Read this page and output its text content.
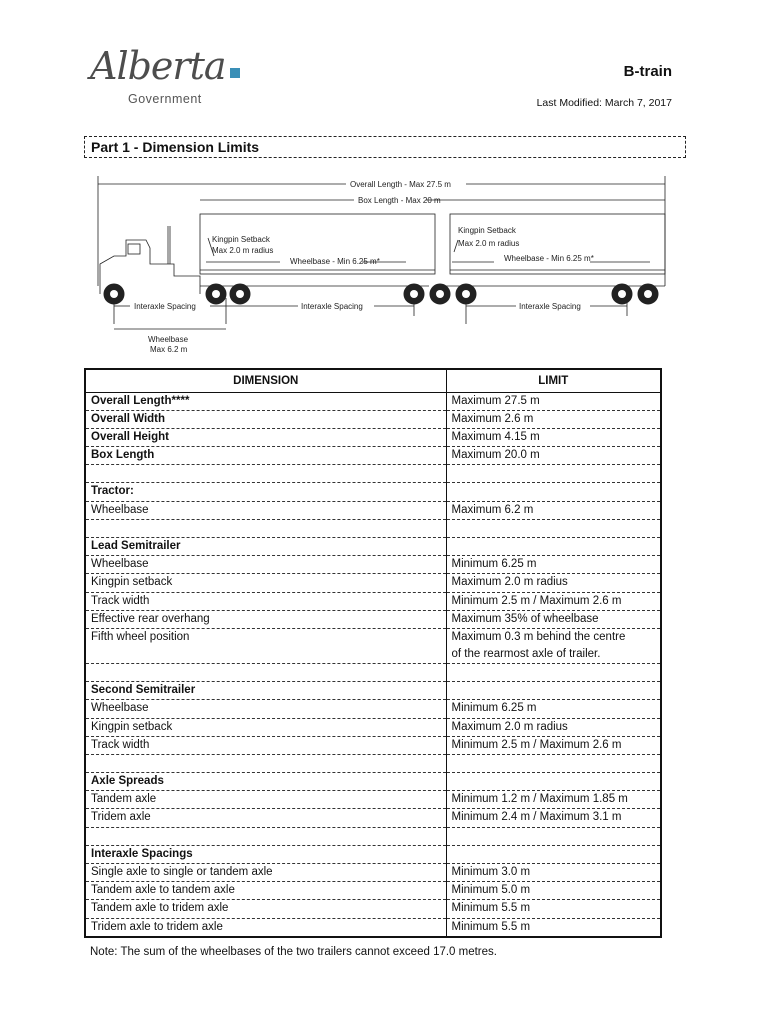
Alberta
Government
B-train
Last Modified: March 7, 2017
Part 1 - Dimension Limits
Overall Length - Max 27.5 m
Box Length - Max 20 m
Kingpin Setback
Max 2.0 m radius
Kingpin Setback
Max 2.0 m radius
Wheelbase - Min 6.25 m*	Wheelbase - Min 6.25 m*
Interaxle Spacing	Interaxle Spacing	Interaxle Spacing
Wheelbase
Max 6.2 m
DIMENSION	LIMIT
Overall Length****	Maximum 27.5 m
Overall Width	Maximum 2.6 m
Overall Height	Maximum 4.15 m
Box Length	Maximum 20.0 m

Tractor:	
Wheelbase	Maximum 6.2 m

Lead Semitrailer	
Wheelbase	Minimum 6.25 m
Kingpin setback	Maximum 2.0 m radius
Track width	Minimum 2.5 m / Maximum 2.6 m
Effective rear overhang	Maximum 35% of wheelbase
Fifth wheel position	Maximum 0.3 m behind the centre
of the rearmost axle of trailer.

Second Semitrailer	
Wheelbase	Minimum 6.25 m
Kingpin setback	Maximum 2.0 m radius
Track width	Minimum 2.5 m / Maximum 2.6 m

Axle Spreads	
Tandem axle	Minimum 1.2 m / Maximum 1.85 m
Tridem axle	Minimum 2.4 m / Maximum 3.1 m

Interaxle Spacings	
Single axle to single or tandem axle	Minimum 3.0 m
Tandem axle to tandem axle	Minimum 5.0 m
Tandem axle to tridem axle	Minimum 5.5 m
Tridem axle to tridem axle	Minimum 5.5 m
Note: The sum of the wheelbases of the two trailers cannot exceed 17.0 metres.
